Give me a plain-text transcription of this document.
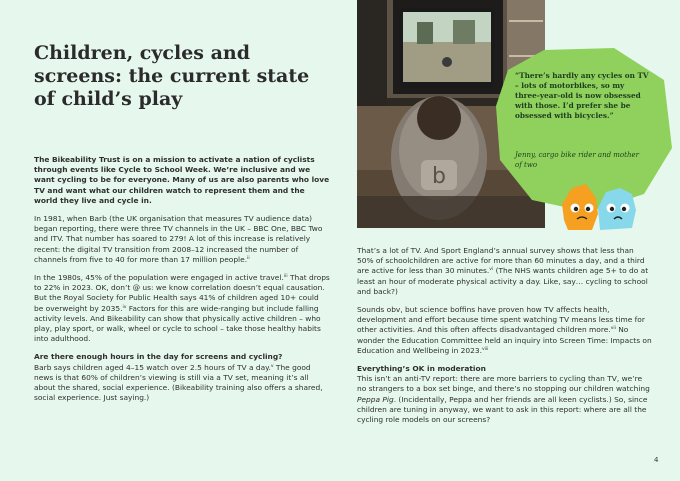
Children, cycles and screens: the current state of child’s play

The Bikeability Trust is on a mission to activate a nation of cyclists through events like Cycle to School Week. We’re inclusive and we want cycling to be for everyone. Many of us are also parents who love TV and want what our children watch to represent them and the world they live and cycle in.

In 1981, when Barb (the UK organisation that measures TV audience data) began reporting, there were three TV channels in the UK – BBC One, BBC Two and ITV. That number has soared to 279! A lot of this increase is relatively recent: the digital TV transition from 2008–12 increased the number of channels from five to 40 for more than 17 million people.$^{ii}$

In the 1980s, 45% of the population were engaged in active travel.$^{iii}$ That drops to 22% in 2023. OK, don’t @ us: we know correlation doesn’t equal causation. But the Royal Society for Public Health says 41% of children aged 10+ could be overweight by 2035.$^{iv}$ Factors for this are wide-ranging but include falling activity levels. And Bikeability can show that physically active children – who play, play sport, or walk, wheel or cycle to school – take those healthy habits into adulthood.

Are there enough hours in the day for screens and cycling?

Barb says children aged 4–15 watch over 2.5 hours of TV a day.$^v$ The good news is that 60% of children’s viewing is still via a TV set, meaning it’s all about the shared, social experience. (Bikeability training also offers a shared, social experience. Just saying.)

b
“There’s hardly any cycles on TV – lots of motorbikes, so my three-year-old is now obsessed with those. I’d prefer she be obsessed with bicycles.”
Jenny, cargo bike rider and mother of two

That’s a lot of TV. And Sport England’s annual survey shows that less than 50% of schoolchildren are active for more than 60 minutes a day, and a third are active for less than 30 minutes.$^{vi}$ (The NHS wants children age 5+ to do at least an hour of moderate physical activity a day. Like, say… cycling to school and back?)

Sounds obv, but science boffins have proven how TV affects health, development and effort because time spent watching TV means less time for other activities. And this often affects disadvantaged children more.$^{vii}$ No wonder the Education Committee held an inquiry into Screen Time: Impacts on Education and Wellbeing in 2023.$^{viii}$

Everything’s OK in moderation

This isn’t an anti-TV report: there are more barriers to cycling than TV, we’re no strangers to a box set binge, and there’s no stopping our children watching Peppa Pig. (Incidentally, Peppa and her friends are all keen cyclists.) So, since children are tuning in anyway, we want to ask in this report: where are all the cycling role models on our screens?

4
